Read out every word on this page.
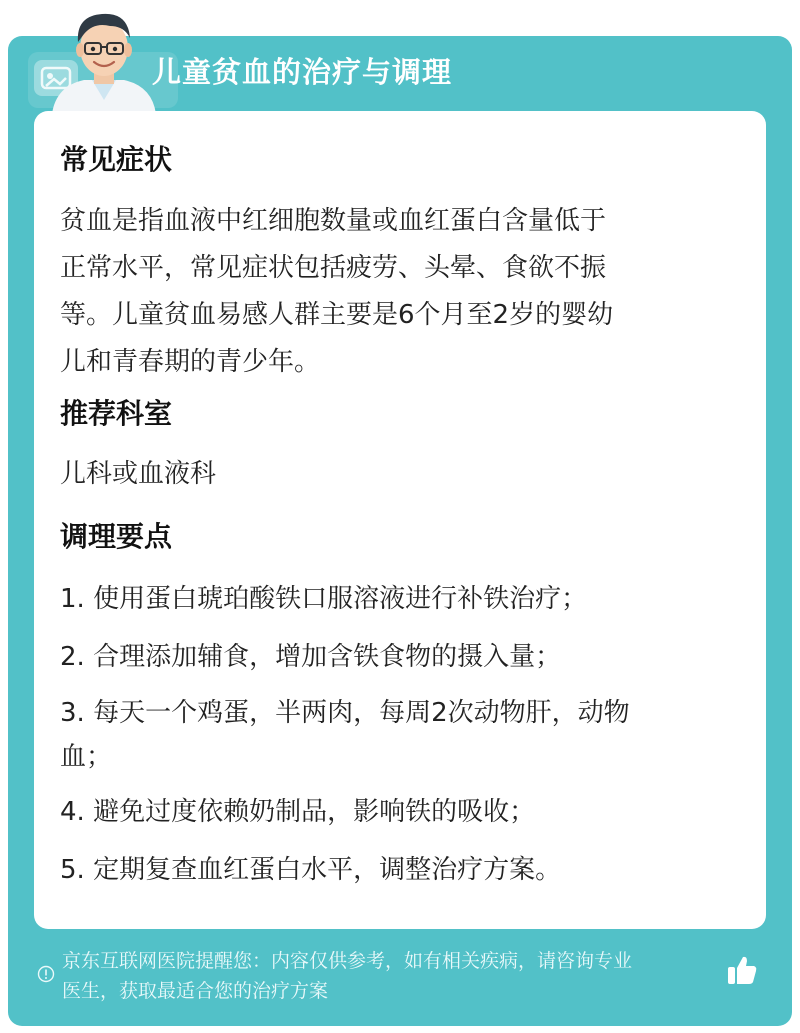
儿童贫血的治疗与调理
常见症状
贫血是指血液中红细胞数量或血红蛋白含量低于
正常水平，常见症状包括疲劳、头晕、食欲不振
等。儿童贫血易感人群主要是6个月至2岁的婴幼
儿和青春期的青少年。
推荐科室
儿科或血液科
调理要点
1. 使用蛋白琥珀酸铁口服溶液进行补铁治疗；
2. 合理添加辅食，增加含铁食物的摄入量；
3. 每天一个鸡蛋，半两肉，每周2次动物肝，动物
血；
4. 避免过度依赖奶制品，影响铁的吸收；
5. 定期复查血红蛋白水平，调整治疗方案。
京东互联网医院提醒您：内容仅供参考，如有相关疾病，请咨询专业
医生，获取最适合您的治疗方案
